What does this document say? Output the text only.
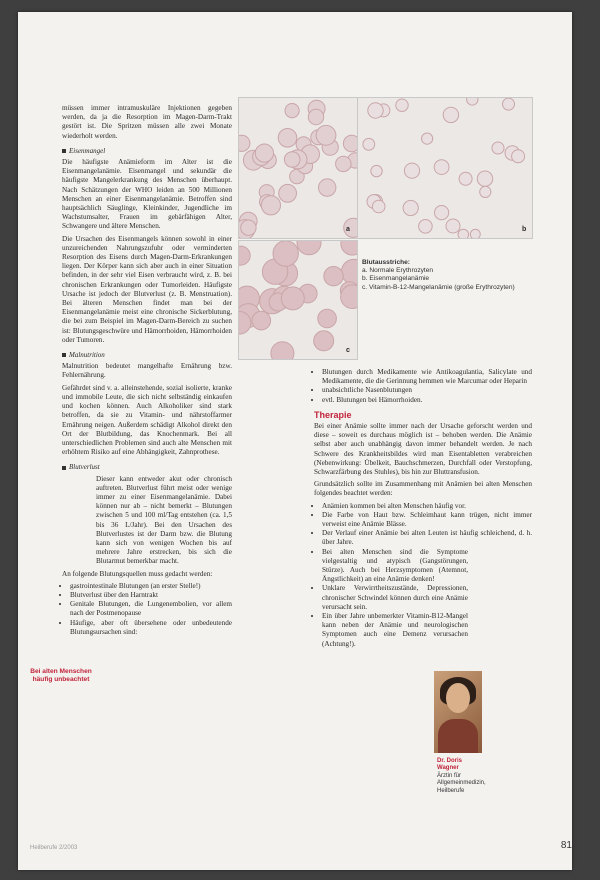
a	b
c
Blutausstriche:
a. Normale Erythrozyten
b. Eisenmangelanämie
c. Vitamin-B-12-Mangelanämie (große Erythrozyten)

müssen immer intramuskuläre Injektionen gegeben werden, da ja die Resorption im Magen-Darm-Trakt gestört ist. Die Spritzen müssen alle zwei Monate wiederholt werden.

Eisenmangel

Die häufigste Anämieform im Alter ist die Eisenmangelanämie. Eisenmangel und sekundär die häufigste Mangelerkrankung des Menschen überhaupt. Nach Schätzungen der WHO leiden an 500 Millionen Menschen an einer Eisenmangelanämie. Betroffen sind hauptsächlich Säuglinge, Kleinkinder, Jugendliche im Wachstumsalter, Frauen im gebärfähigen Alter, Schwangere und ältere Menschen.

Die Ursachen des Eisenmangels können sowohl in einer unzureichenden Nahrungszufuhr oder verminderten Resorption des Eisens durch Magen-Darm-Erkrankungen liegen. Der Körper kann sich aber auch in einer Situation befinden, in der sehr viel Eisen verbraucht wird, z. B. bei chronischen Erkrankungen oder Tumorleiden. Häufigste Ursache ist jedoch der Blutverlust (z. B. Menstruation). Bei älteren Menschen findet man bei der Eisenmangelanämie meist eine chronische Sickerblutung, die bei zum Beispiel im Magen-Darm-Bereich zu suchen ist: Blutungsgeschwüre und Hämorrhoiden, Hämorrhoiden oder Tumoren.

Malnutrition

Malnutrition bedeutet mangelhafte Ernährung bzw. Fehlernährung.

Gefährdet sind v. a. alleinstehende, sozial isolierte, kranke und immobile Leute, die sich nicht selbständig einkaufen und kochen können. Auch Alkoholiker sind stark betroffen, da sie zu Vitamin- und nährstoffarmer Ernährung neigen. Außerdem schädigt Alkohol direkt den Ort der Blutbildung, das Knochenmark. Bei all unterschiedlichen Problemen sind auch alte Menschen mit erhöhtem Risiko auf eine Abhängigkeit, Zahnprothese.

Blutverlust

Dieser kann entweder akut oder chronisch auftreten. Blutverlust führt meist oder wenige immer zu einer Eisenmangelanämie. Dabei können nur ab – nicht bemerkt – Blutungen zwischen 5 und 100 ml/Tag entstehen (ca. 1,5 bis 36 L/Jahr). Bei den Ursachen des Blutverlustes ist der Darm bzw. die Blutung kann sich von wenigen Wochen bis auf mehrere Jahre erstrecken, bis sich die Blutarmut bemerkbar macht.

An folgende Blutungsquellen muss gedacht werden:

• gastrointestinale Blutungen (an erster Stelle!)
• Blutverlust über den Harntrakt
• Genitale Blutungen, die Lungenembolien, vor allem nach der Postmenopause
• Häufige, aber oft übersehene oder unbedeutende Blutungsursachen sind:
Bei alten Menschen häufig unbeachtet
• Blutungen durch Medikamente wie Antikoagulantia, Salicylate und Medikamente, die die Gerinnung hemmen wie Marcumar oder Heparin
• unabsichtliche Nasenblutungen
• evtl. Blutungen bei Hämorrhoiden.
Therapie

Bei einer Anämie sollte immer nach der Ursache geforscht werden und diese – soweit es durchaus möglich ist – behoben werden. Die Anämie selbst aber auch unabhängig davon immer behandelt werden. Je nach Schwere des Krankheitsbildes wird man Eisentabletten verabreichen (Nebenwirkung: Übelkeit, Bauchschmerzen, Durchfall oder Verstopfung, Schwarzfärbung des Stuhles), bis hin zur Bluttransfusion.

Grundsätzlich sollte im Zusammenhang mit Anämien bei alten Menschen folgendes beachtet werden:

• Anämien kommen bei alten Menschen häufig vor.
• Die Farbe von Haut bzw. Schleimhaut kann trügen, nicht immer verweist eine Anämie Blässe.
• Der Verlauf einer Anämie bei alten Leuten ist häufig schleichend, d. h. über Jahre.
• Bei alten Menschen sind die Symptome vielgestaltig und atypisch (Gangstörungen, Stürze). Auch bei Herzsymptomen (Atemnot, Ängstlichkeit) an eine Anämie denken!
• Unklare Verwirrtheitszustände, Depressionen, chronischer Schwindel können durch eine Anämie verursacht sein.
• Ein über Jahre unbemerkter Vitamin-B12-Mangel kann neben der Anämie und neurologischen Symptomen auch eine Demenz verursachen (Achtung!).
Dr. Doris Wagner
Ärztin für Allgemeinmedizin, Heilberufe
Heilberufe 2/2003	81
